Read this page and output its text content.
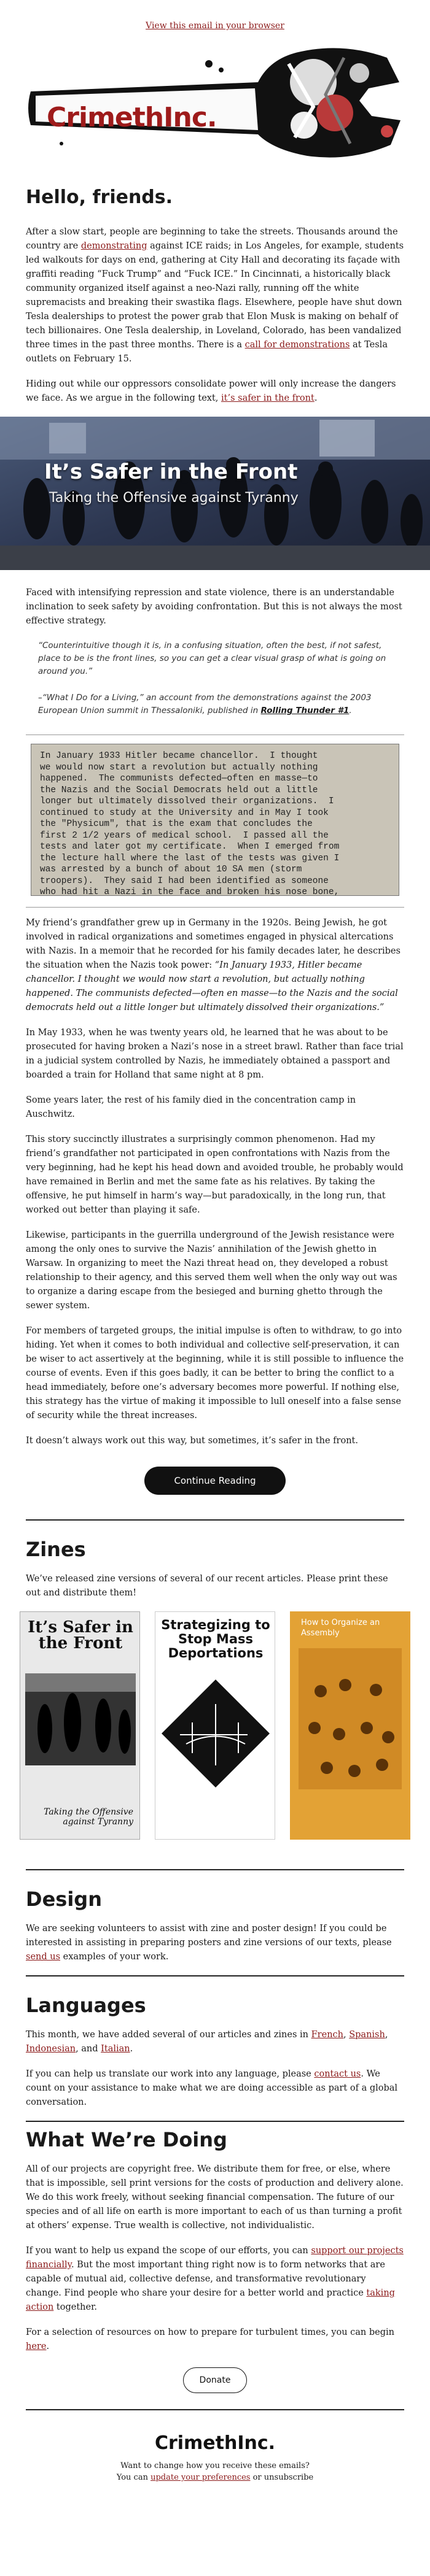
View this email in your browser
CrimethInc.
Hello, friends.

After a slow start, people are beginning to take the streets. Thousands around the country are demonstrating against ICE raids; in Los Angeles, for example, students led walkouts for days on end, gathering at City Hall and decorating its façade with graffiti reading “Fuck Trump” and “Fuck ICE.” In Cincinnati, a historically black community organized itself against a neo-Nazi rally, running off the white supremacists and breaking their swastika flags. Elsewhere, people have shut down Tesla dealerships to protest the power grab that Elon Musk is making on behalf of tech billionaires. One Tesla dealership, in Loveland, Colorado, has been vandalized three times in the past three months. There is a call for demonstrations at Tesla outlets on February 15.

Hiding out while our oppressors consolidate power will only increase the dangers we face. As we argue in the following text, it’s safer in the front.

It’s Safer in the Front
Taking the Offensive against Tyranny

Faced with intensifying repression and state violence, there is an understandable inclination to seek safety by avoiding confrontation. But this is not always the most effective strategy.

“Counterintuitive though it is, in a confusing situation, often the best, if not safest, place to be is the front lines, so you can get a clear visual grasp of what is going on around you.”

–“What I Do for a Living,” an account from the demonstrations against the 2003 European Union summit in Thessaloniki, published in Rolling Thunder #1.

In January 1933 Hitler became chancellor.  I thought
we would now start a revolution but actually nothing
happened.  The communists defected—often en masse—to
the Nazis and the Social Democrats held out a little
longer but ultimately dissolved their organizations.  I
continued to study at the University and in May I took
the "Physicum", that is the exam that concludes the
first 2 1/2 years of medical school.  I passed all the
tests and later got my certificate.  When I emerged from
the lecture hall where the last of the tests was given I
was arrested by a bunch of about 10 SA men (storm
troopers).  They said I had been identified as someone
who had hit a Nazi in the face and broken his nose bone,

My friend’s grandfather grew up in Germany in the 1920s. Being Jewish, he got involved in radical organizations and sometimes engaged in physical altercations with Nazis. In a memoir that he recorded for his family decades later, he describes the situation when the Nazis took power: “In January 1933, Hitler became chancellor. I thought we would now start a revolution, but actually nothing happened. The communists defected—often en masse—to the Nazis and the social democrats held out a little longer but ultimately dissolved their organizations.”

In May 1933, when he was twenty years old, he learned that he was about to be prosecuted for having broken a Nazi’s nose in a street brawl. Rather than face trial in a judicial system controlled by Nazis, he immediately obtained a passport and boarded a train for Holland that same night at 8 pm.

Some years later, the rest of his family died in the concentration camp in Auschwitz.

This story succinctly illustrates a surprisingly common phenomenon. Had my friend’s grandfather not participated in open confrontations with Nazis from the very beginning, had he kept his head down and avoided trouble, he probably would have remained in Berlin and met the same fate as his relatives. By taking the offensive, he put himself in harm’s way—but paradoxically, in the long run, that worked out better than playing it safe.

Likewise, participants in the guerrilla underground of the Jewish resistance were among the only ones to survive the Nazis’ annihilation of the Jewish ghetto in Warsaw. In organizing to meet the Nazi threat head on, they developed a robust relationship to their agency, and this served them well when the only way out was to organize a daring escape from the besieged and burning ghetto through the sewer system.

For members of targeted groups, the initial impulse is often to withdraw, to go into hiding. Yet when it comes to both individual and collective self-preservation, it can be wiser to act assertively at the beginning, while it is still possible to influence the course of events. Even if this goes badly, it can be better to bring the conflict to a head immediately, before one’s adversary becomes more powerful. If nothing else, this strategy has the virtue of making it impossible to lull oneself into a false sense of security while the threat increases.

It doesn’t always work out this way, but sometimes, it’s safer in the front.

Continue Reading
Zines

We’ve released zine versions of several of our recent articles. Please print these out and distribute them!

It’s Safer in the Front
Taking the Offensive against Tyranny
Strategizing to Stop Mass Deportations
How to Organize an Assembly
Design

We are seeking volunteers to assist with zine and poster design! If you could be interested in assisting in preparing posters and zine versions of our texts, please send us examples of your work.

Languages

This month, we have added several of our articles and zines in French, Spanish, Indonesian, and Italian.

If you can help us translate our work into any language, please contact us. We count on your assistance to make what we are doing accessible as part of a global conversation.

What We’re Doing

All of our projects are copyright free. We distribute them for free, or else, where that is impossible, sell print versions for the costs of production and delivery alone. We do this work freely, without seeking financial compensation. The future of our species and of all life on earth is more important to each of us than turning a profit at others’ expense. True wealth is collective, not individualistic.

If you want to help us expand the scope of our efforts, you can support our projects financially. But the most important thing right now is to form networks that are capable of mutual aid, collective defense, and transformative revolutionary change. Find people who share your desire for a better world and practice taking action together.

For a selection of resources on how to prepare for turbulent times, you can begin here.

Donate
CrimethInc.
Want to change how you receive these emails?
You can update your preferences or unsubscribe
